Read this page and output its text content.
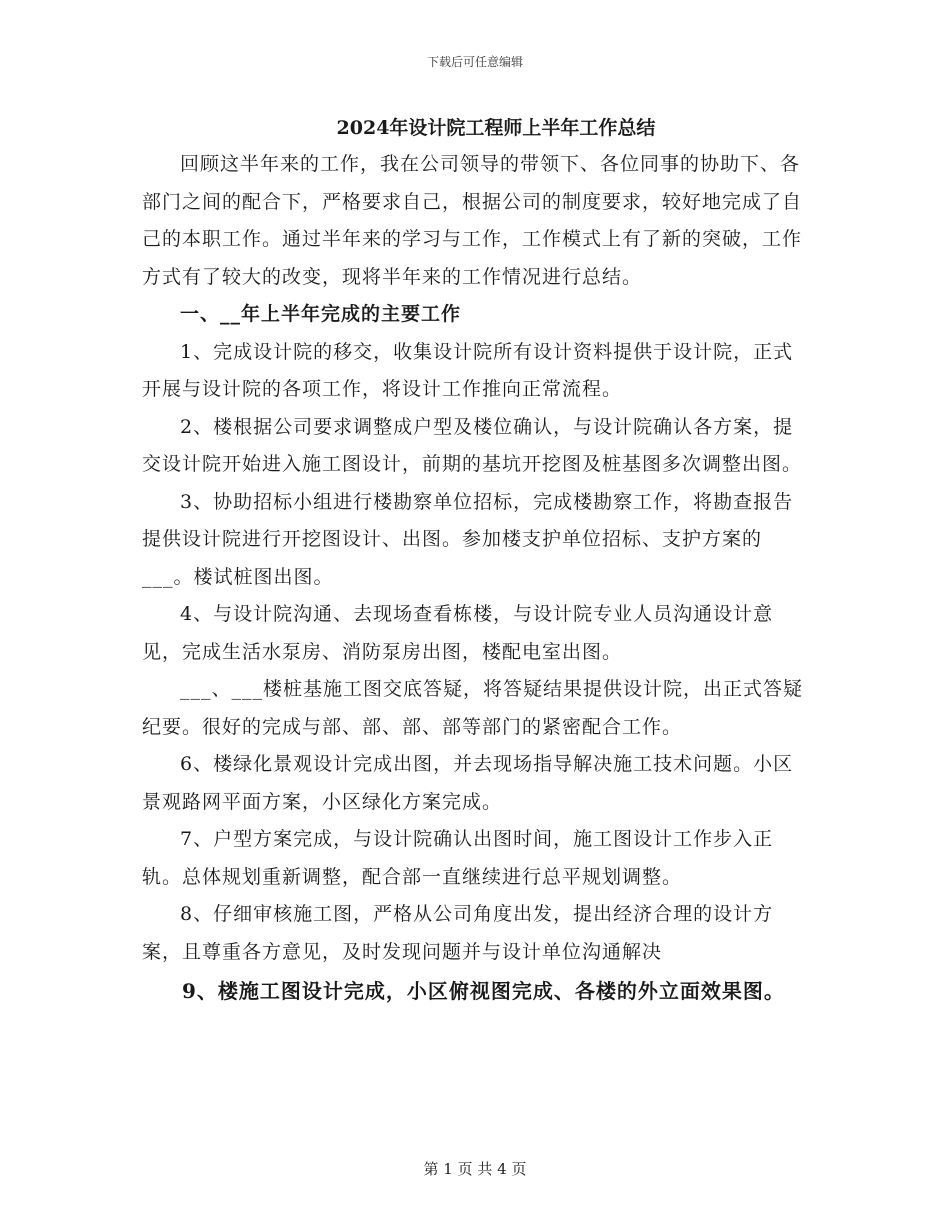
下载后可任意编辑
2024年设计院工程师上半年工作总结

回顾这半年来的工作，我在公司领导的带领下、各位同事的协助下、各部门之间的配合下，严格要求自己，根据公司的制度要求，较好地完成了自己的本职工作。通过半年来的学习与工作，工作模式上有了新的突破，工作方式有了较大的改变，现将半年来的工作情况进行总结。

一、__年上半年完成的主要工作

1、完成设计院的移交，收集设计院所有设计资料提供于设计院，正式开展与设计院的各项工作，将设计工作推向正常流程。

2、楼根据公司要求调整成户型及楼位确认，与设计院确认各方案，提交设计院开始进入施工图设计，前期的基坑开挖图及桩基图多次调整出图。

3、协助招标小组进行楼勘察单位招标，完成楼勘察工作，将勘查报告提供设计院进行开挖图设计、出图。参加楼支护单位招标、支护方案的___。楼试桩图出图。

4、与设计院沟通、去现场查看栋楼，与设计院专业人员沟通设计意见，完成生活水泵房、消防泵房出图，楼配电室出图。

___、___楼桩基施工图交底答疑，将答疑结果提供设计院，出正式答疑纪要。很好的完成与部、部、部、部等部门的紧密配合工作。

6、楼绿化景观设计完成出图，并去现场指导解决施工技术问题。小区景观路网平面方案，小区绿化方案完成。

7、户型方案完成，与设计院确认出图时间，施工图设计工作步入正轨。总体规划重新调整，配合部一直继续进行总平规划调整。

8、仔细审核施工图，严格从公司角度出发，提出经济合理的设计方案，且尊重各方意见，及时发现问题并与设计单位沟通解决

9、楼施工图设计完成，小区俯视图完成、各楼的外立面效果图。

第 1 页 共 4 页
